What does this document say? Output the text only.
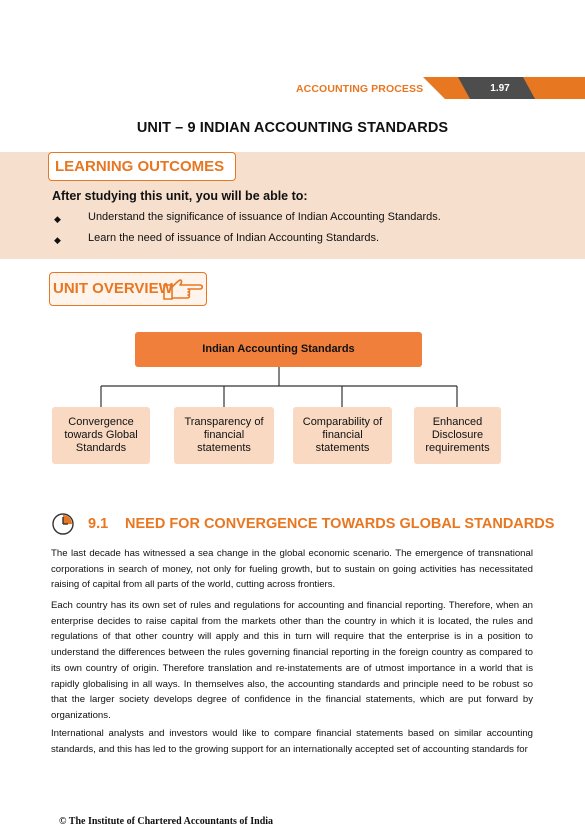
ACCOUNTING PROCESS	1.97
UNIT – 9 INDIAN ACCOUNTING STANDARDS
LEARNING OUTCOMES
After studying this unit, you will be able to:
◆ Understand the significance of issuance of Indian Accounting Standards.
◆ Learn the need of issuance of Indian Accounting Standards.
UNIT OVERVIEW
Indian Accounting Standards
Convergence towards Global Standards
Transparency of financial statements
Comparability of financial statements
Enhanced Disclosure requirements
9.1 NEED FOR CONVERGENCE TOWARDS GLOBAL STANDARDS
The last decade has witnessed a sea change in the global economic scenario. The emergence of transnational corporations in search of money, not only for fueling growth, but to sustain on going activities has necessitated raising of capital from all parts of the world, cutting across frontiers.
Each country has its own set of rules and regulations for accounting and financial reporting. Therefore, when an enterprise decides to raise capital from the markets other than the country in which it is located, the rules and regulations of that other country will apply and this in turn will require that the enterprise is in a position to understand the differences between the rules governing financial reporting in the foreign country as compared to its own country of origin. Therefore translation and re-instatements are of utmost importance in a world that is rapidly globalising in all ways. In themselves also, the accounting standards and principle need to be robust so that the larger society develops degree of confidence in the financial statements, which are put forward by organizations.
International analysts and investors would like to compare financial statements based on similar accounting standards, and this has led to the growing support for an internationally accepted set of accounting standards for
© The Institute of Chartered Accountants of India
